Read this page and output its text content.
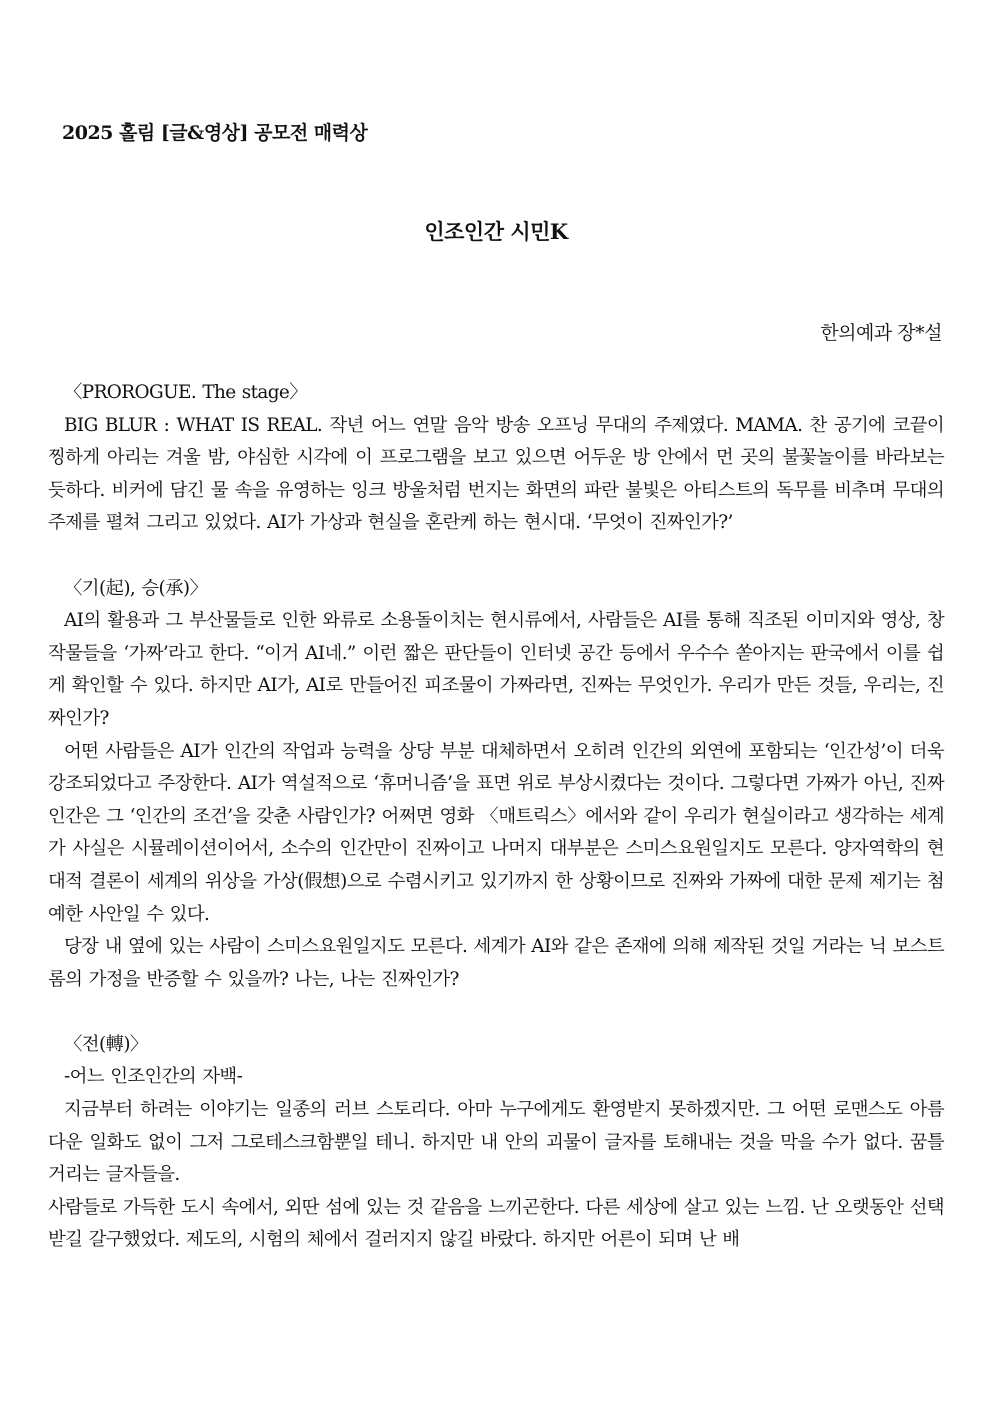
2025 홀림 [글&영상] 공모전 매력상
인조인간 시민K
한의예과 장*설

〈PROROGUE. The stage〉

BIG BLUR : WHAT IS REAL. 작년 어느 연말 음악 방송 오프닝 무대의 주제였다. MAMA. 찬 공기에 코끝이 찡하게 아리는 겨울 밤, 야심한 시각에 이 프로그램을 보고 있으면 어두운 방 안에서 먼 곳의 불꽃놀이를 바라보는 듯하다. 비커에 담긴 물 속을 유영하는 잉크 방울처럼 번지는 화면의 파란 불빛은 아티스트의 독무를 비추며 무대의 주제를 펼쳐 그리고 있었다. AI가 가상과 현실을 혼란케 하는 현시대. ‘무엇이 진짜인가?’

〈기(起), 승(承)〉

AI의 활용과 그 부산물들로 인한 와류로 소용돌이치는 현시류에서, 사람들은 AI를 통해 직조된 이미지와 영상, 창작물들을 ‘가짜’라고 한다. “이거 AI네.” 이런 짧은 판단들이 인터넷 공간 등에서 우수수 쏟아지는 판국에서 이를 쉽게 확인할 수 있다. 하지만 AI가, AI로 만들어진 피조물이 가짜라면, 진짜는 무엇인가. 우리가 만든 것들, 우리는, 진짜인가?

어떤 사람들은 AI가 인간의 작업과 능력을 상당 부분 대체하면서 오히려 인간의 외연에 포함되는 ‘인간성’이 더욱 강조되었다고 주장한다. AI가 역설적으로 ‘휴머니즘’을 표면 위로 부상시켰다는 것이다. 그렇다면 가짜가 아닌, 진짜 인간은 그 ‘인간의 조건’을 갖춘 사람인가? 어쩌면 영화 〈매트릭스〉에서와 같이 우리가 현실이라고 생각하는 세계가 사실은 시뮬레이션이어서, 소수의 인간만이 진짜이고 나머지 대부분은 스미스요원일지도 모른다. 양자역학의 현대적 결론이 세계의 위상을 가상(假想)으로 수렴시키고 있기까지 한 상황이므로 진짜와 가짜에 대한 문제 제기는 첨예한 사안일 수 있다.

당장 내 옆에 있는 사람이 스미스요원일지도 모른다. 세계가 AI와 같은 존재에 의해 제작된 것일 거라는 닉 보스트롬의 가정을 반증할 수 있을까? 나는, 나는 진짜인가?

〈전(轉)〉

-어느 인조인간의 자백-

지금부터 하려는 이야기는 일종의 러브 스토리다. 아마 누구에게도 환영받지 못하겠지만. 그 어떤 로맨스도 아름다운 일화도 없이 그저 그로테스크함뿐일 테니. 하지만 내 안의 괴물이 글자를 토해내는 것을 막을 수가 없다. 꿈틀거리는 글자들을.

사람들로 가득한 도시 속에서, 외딴 섬에 있는 것 같음을 느끼곤한다. 다른 세상에 살고 있는 느낌. 난 오랫동안 선택받길 갈구했었다. 제도의, 시험의 체에서 걸러지지 않길 바랐다. 하지만 어른이 되며 난 배
